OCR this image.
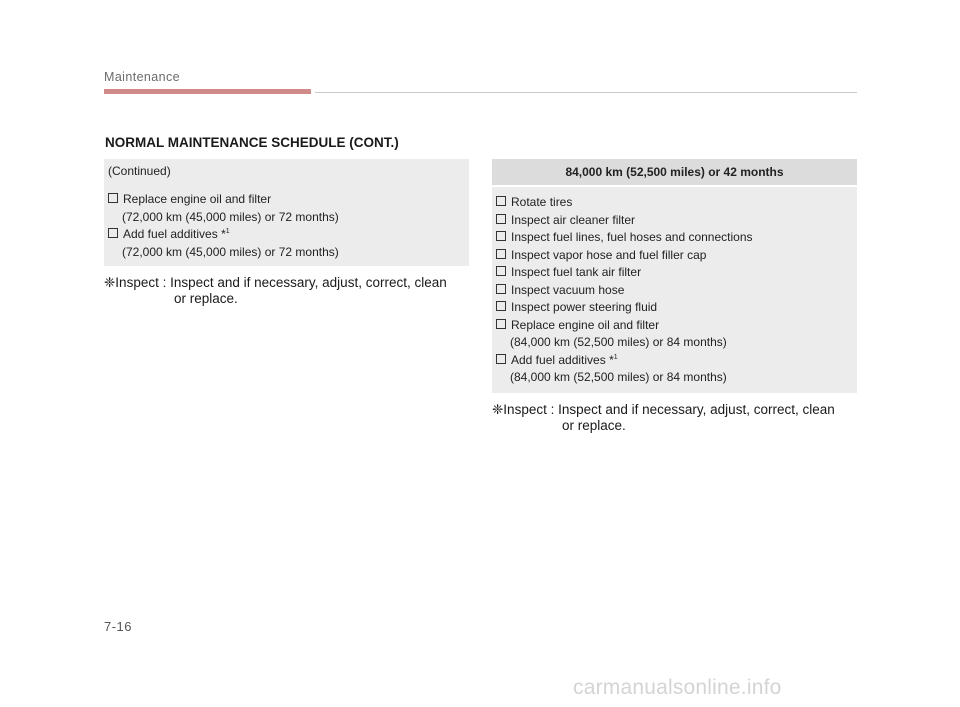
Maintenance
NORMAL MAINTENANCE SCHEDULE (CONT.)
(Continued)
Replace engine oil and filter
(72,000 km (45,000 miles) or 72 months)
Add fuel additives *$^1$
(72,000 km (45,000 miles) or 72 months)
❈Inspect : Inspect and if necessary, adjust, correct, clean
or replace.
84,000 km (52,500 miles) or 42 months
Rotate tires
Inspect air cleaner filter
Inspect fuel lines, fuel hoses and connections
Inspect vapor hose and fuel filler cap
Inspect fuel tank air filter
Inspect vacuum hose
Inspect power steering fluid
Replace engine oil and filter
(84,000 km (52,500 miles) or 84 months)
Add fuel additives *$^1$
(84,000 km (52,500 miles) or 84 months)
❈Inspect : Inspect and if necessary, adjust, correct, clean
or replace.
7-16
carmanualsonline.info
